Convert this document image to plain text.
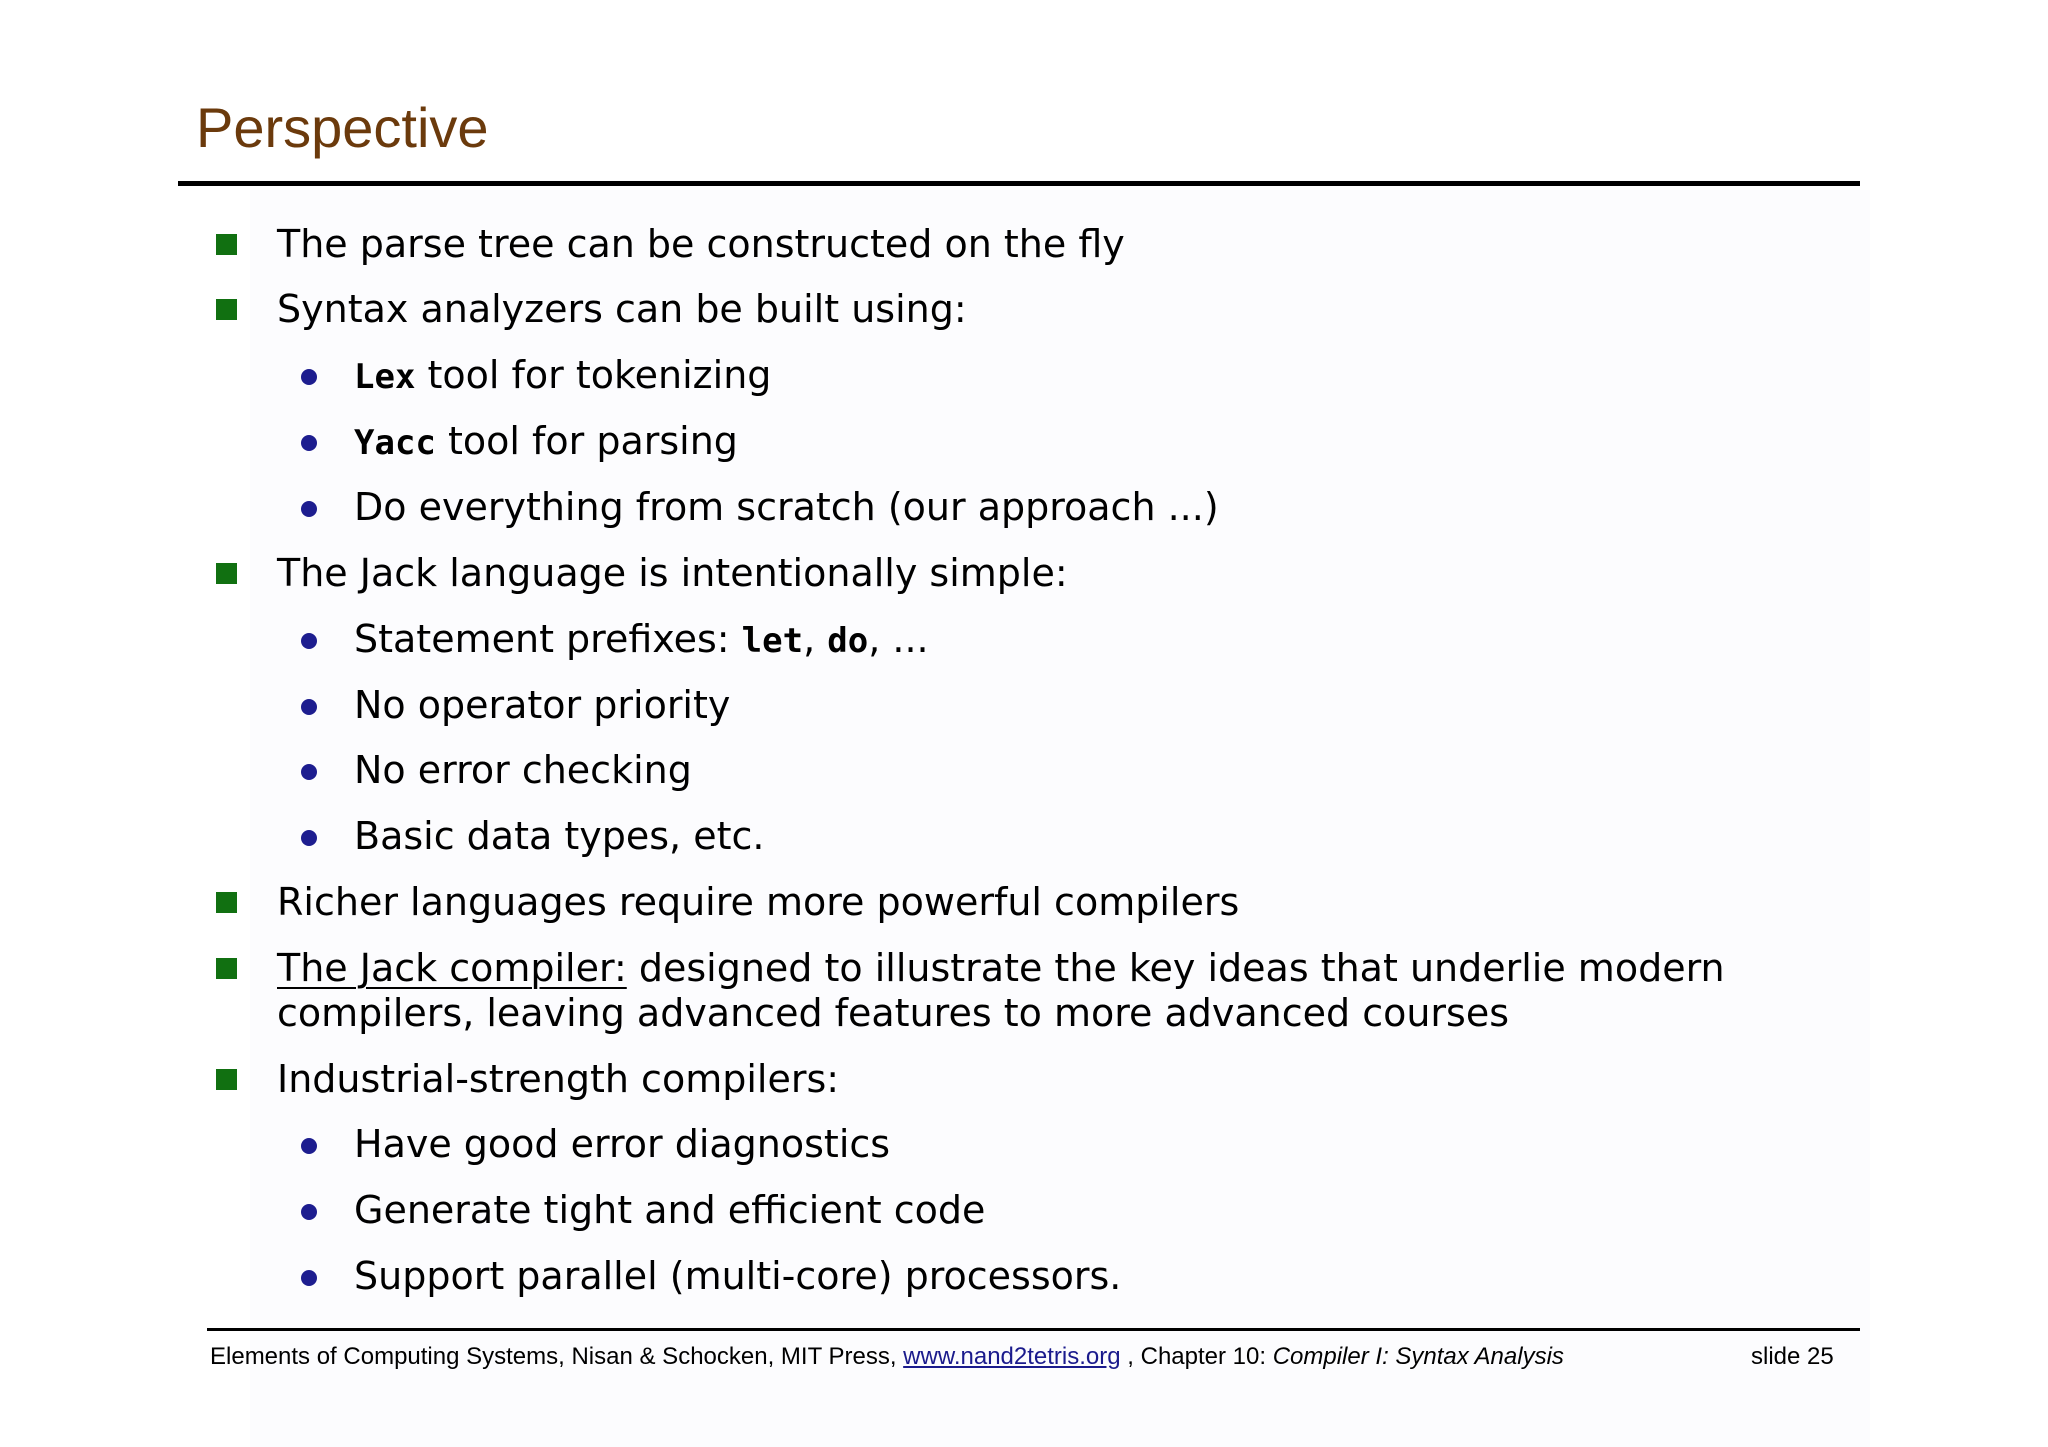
Perspective
The parse tree can be constructed on the fly
Syntax analyzers can be built using:
Lex tool for tokenizing
Yacc tool for parsing
Do everything from scratch (our approach ...)
The Jack language is intentionally simple:
Statement prefixes: let, do, ...
No operator priority
No error checking
Basic data types, etc.
Richer languages require more powerful compilers
The Jack compiler: designed to illustrate the key ideas that underlie modern
compilers, leaving advanced features to more advanced courses
Industrial-strength compilers:
Have good error diagnostics
Generate tight and efficient code
Support parallel (multi-core) processors.
Elements of Computing Systems, Nisan & Schocken, MIT Press, www.nand2tetris.org , Chapter 10: Compiler I: Syntax Analysis	slide 25
